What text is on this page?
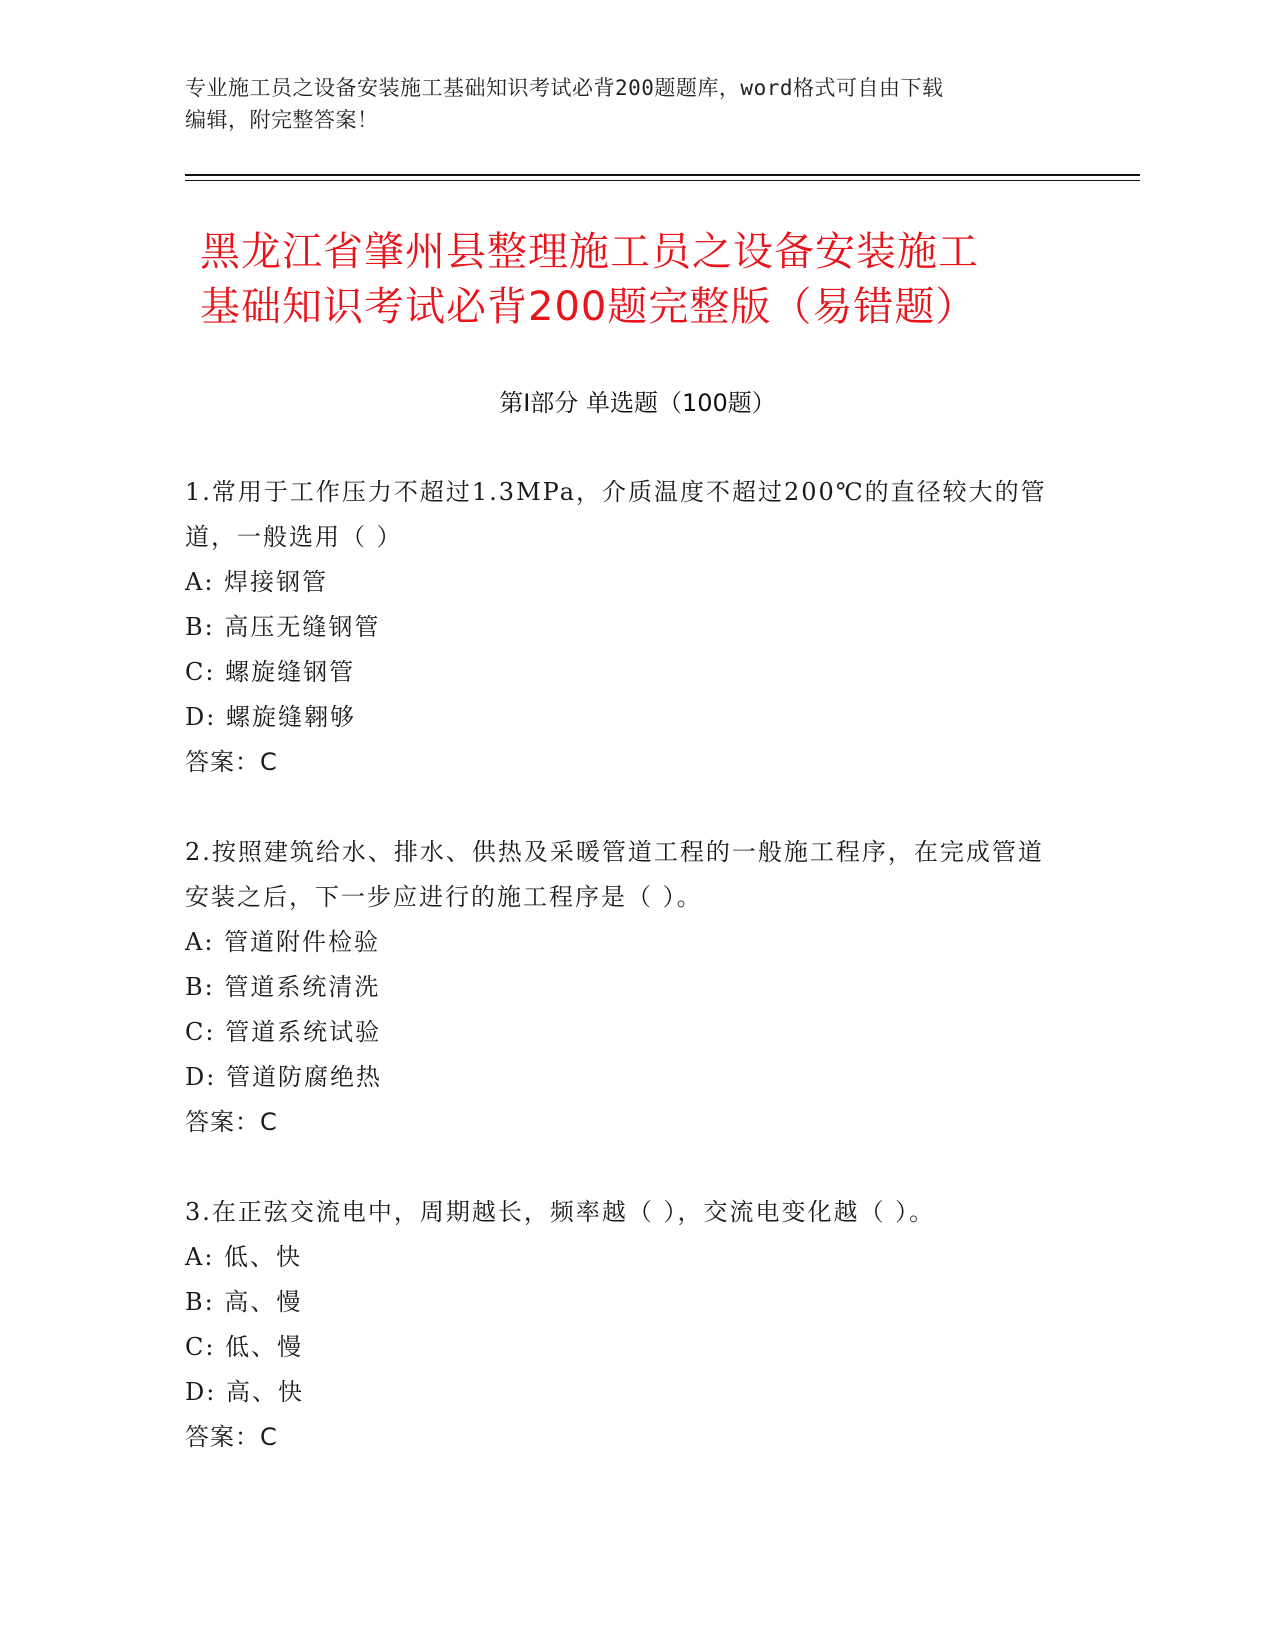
专业施工员之设备安装施工基础知识考试必背200题题库，word格式可自由下载
编辑，附完整答案！
黑龙江省肇州县整理施工员之设备安装施工
基础知识考试必背200题完整版（易错题）
第Ⅰ部分 单选题（100题）
1.常用于工作压力不超过1.3MPa，介质温度不超过200℃的直径较大的管道，一般选用（ ）
A: 焊接钢管
B: 高压无缝钢管
C: 螺旋缝钢管
D: 螺旋缝翱够
答案：C
2.按照建筑给水、排水、供热及采暖管道工程的一般施工程序，在完成管道安装之后，下一步应进行的施工程序是（ ）。
A: 管道附件检验
B: 管道系统清洗
C: 管道系统试验
D: 管道防腐绝热
答案：C
3.在正弦交流电中，周期越长，频率越（ ），交流电变化越（ ）。
A: 低、快
B: 高、慢
C: 低、慢
D: 高、快
答案：C
